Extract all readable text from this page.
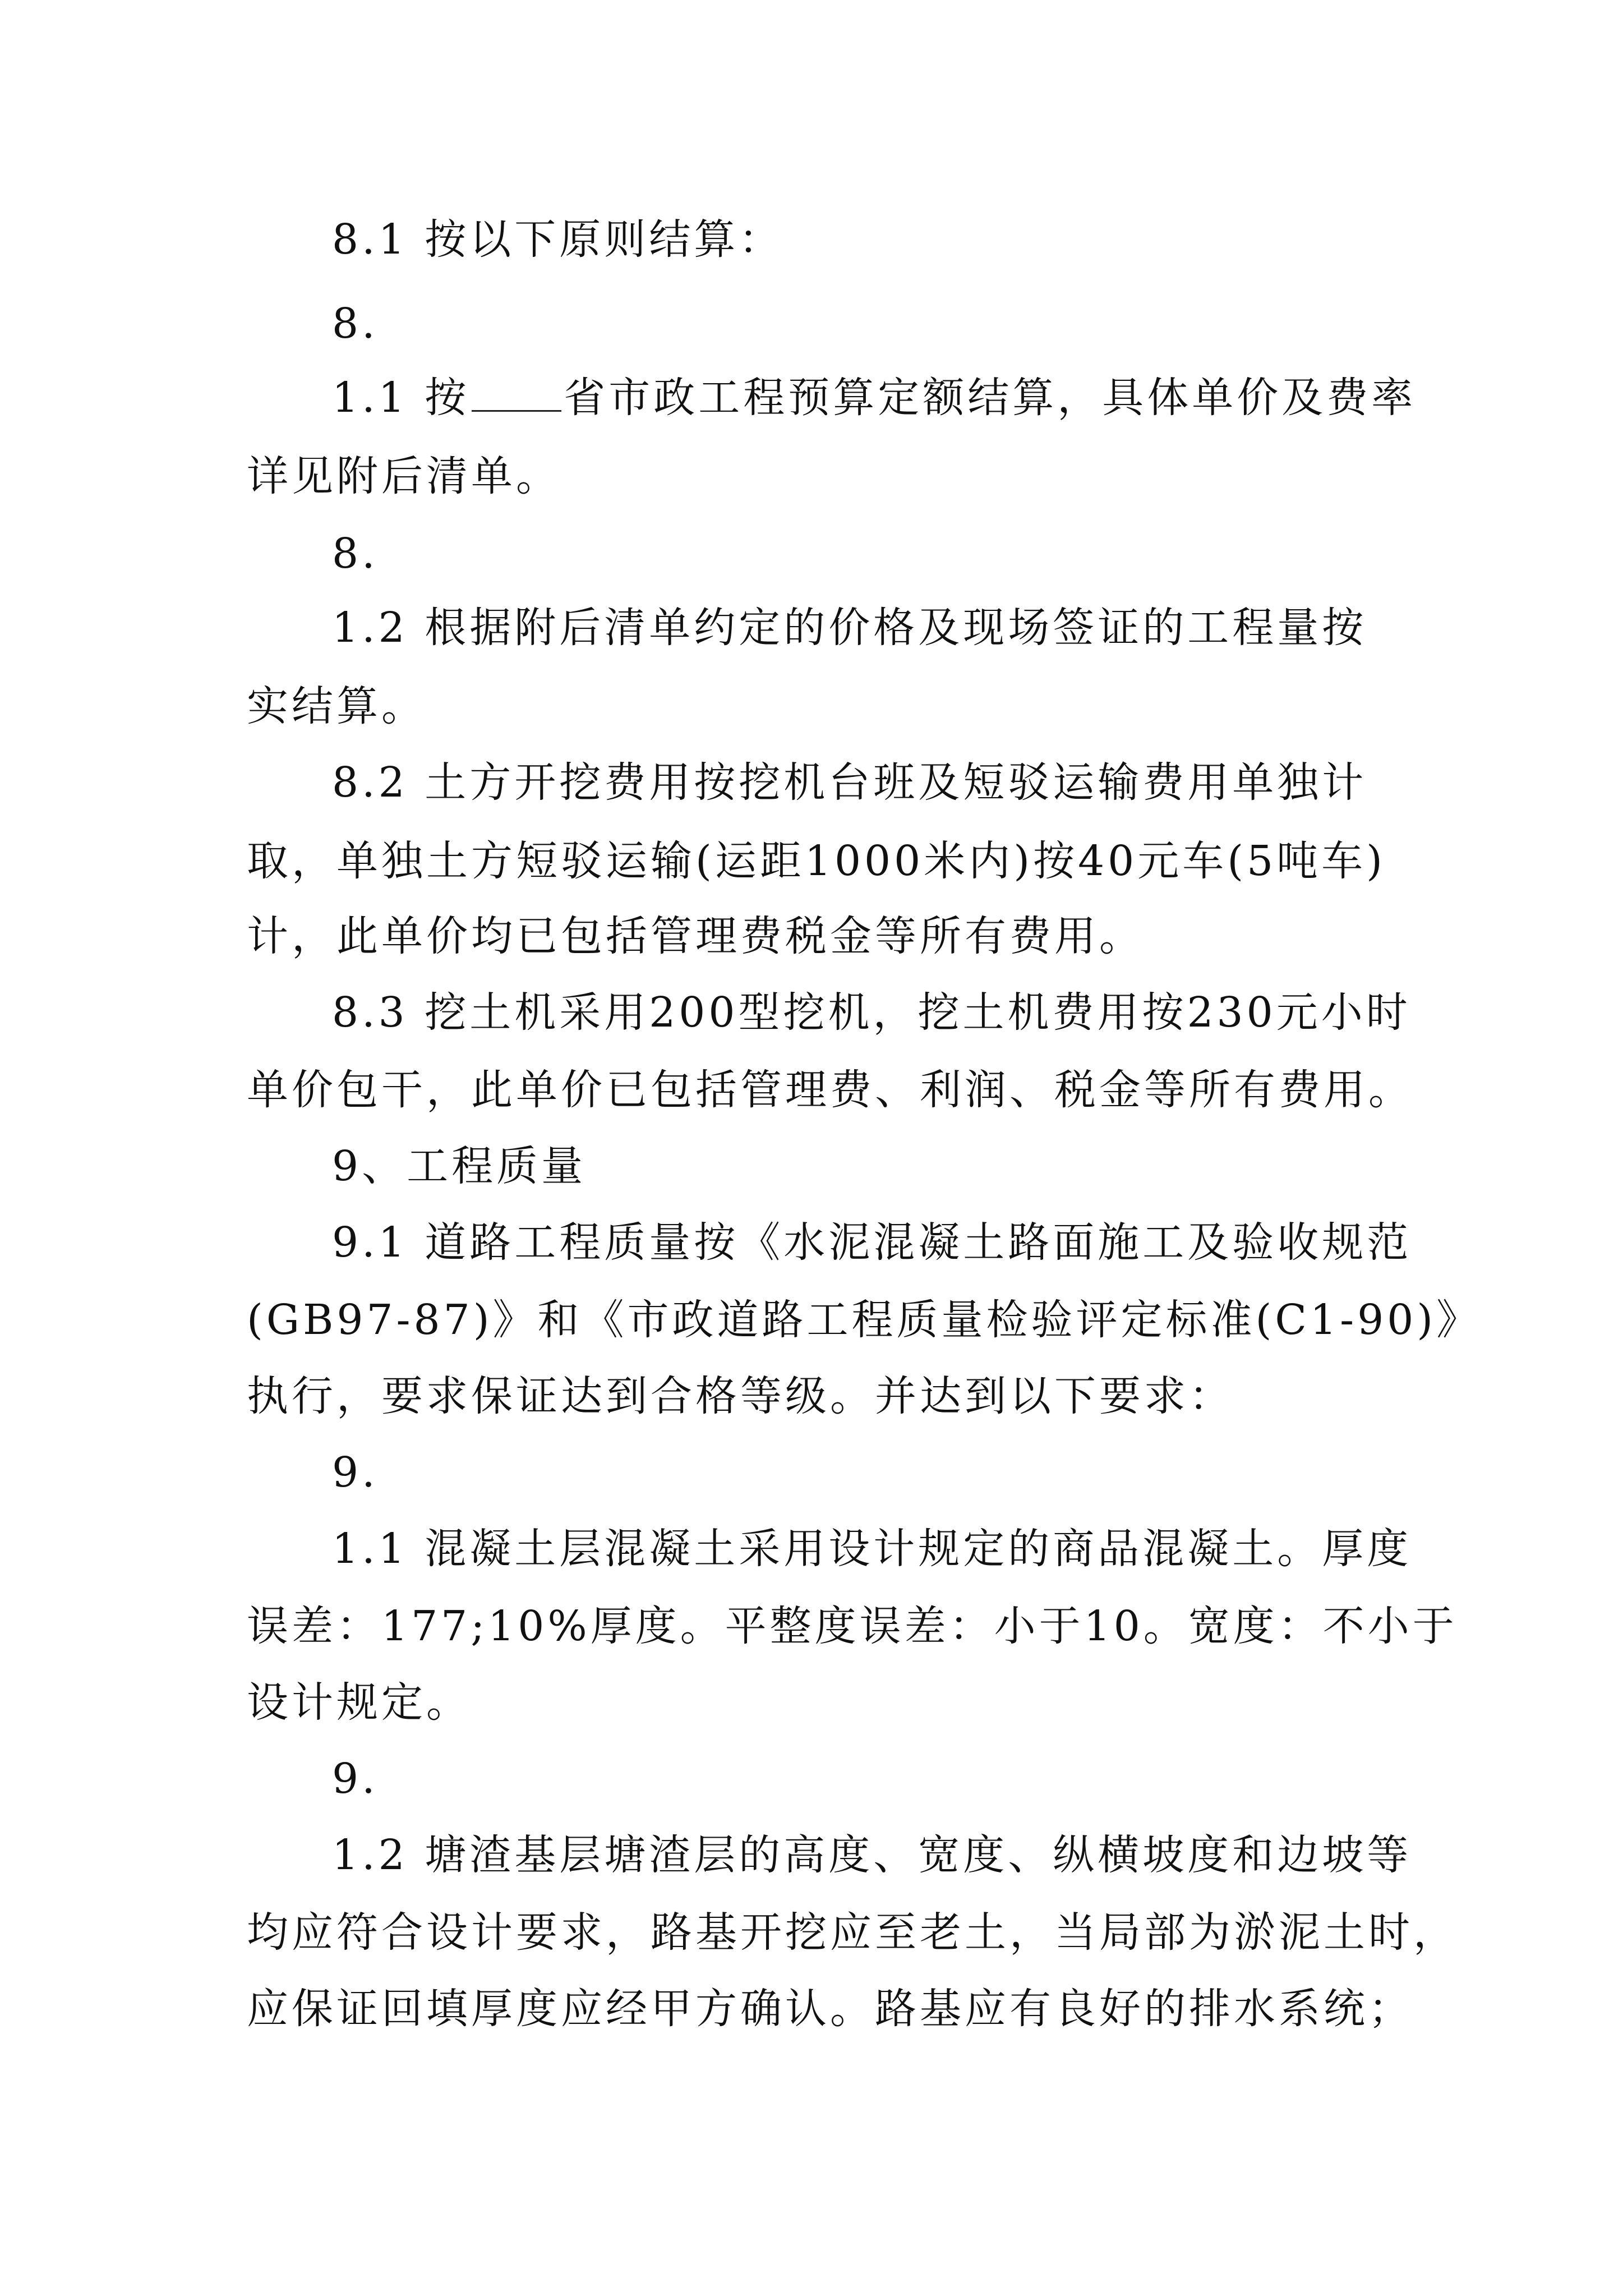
8.1 按以下原则结算：
8.
1.1 按 省市政工程预算定额结算，具体单价及费率
详见附后清单。
8.
1.2 根据附后清单约定的价格及现场签证的工程量按
实结算。
8.2 土方开挖费用按挖机台班及短驳运输费用单独计
取，单独土方短驳运输(运距1000米内)按40元车(5吨车)
计，此单价均已包括管理费税金等所有费用。
8.3 挖土机采用200型挖机，挖土机费用按230元小时
单价包干，此单价已包括管理费、利润、税金等所有费用。
9、工程质量
9.1 道路工程质量按《水泥混凝土路面施工及验收规范
(GB97-87)》和《市政道路工程质量检验评定标准(C1-90)》
执行，要求保证达到合格等级。并达到以下要求：
9.
1.1 混凝土层混凝土采用设计规定的商品混凝土。厚度
误差：177;10%厚度。平整度误差：小于10。宽度：不小于
设计规定。
9.
1.2 塘渣基层塘渣层的高度、宽度、纵横坡度和边坡等
均应符合设计要求，路基开挖应至老土，当局部为淤泥土时，
应保证回填厚度应经甲方确认。路基应有良好的排水系统；
